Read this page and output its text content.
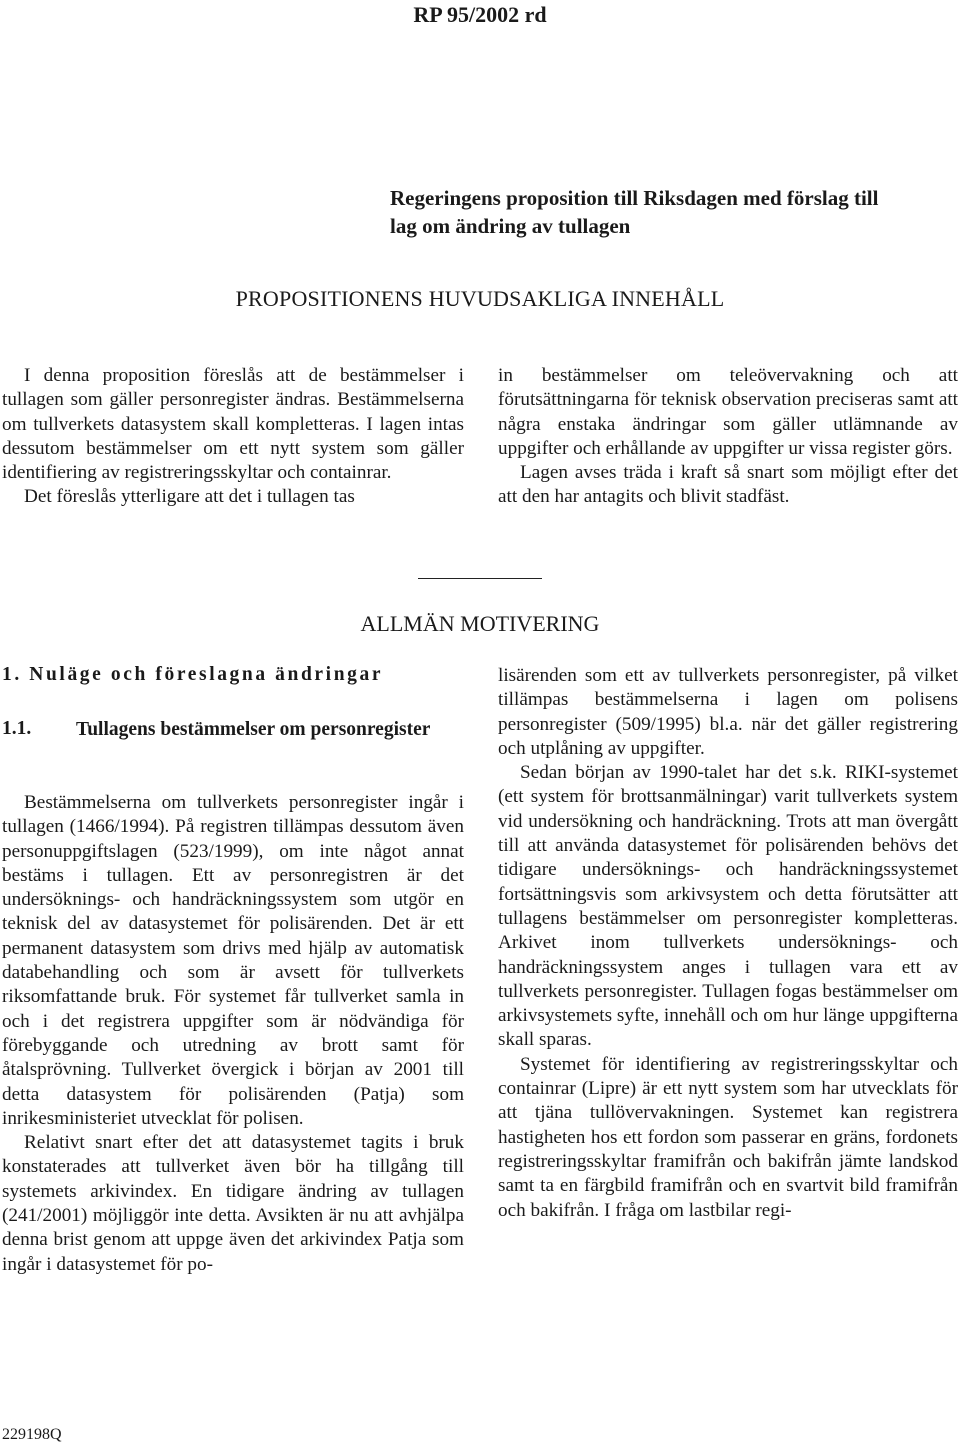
RP 95/2002 rd
Regeringens proposition till Riksdagen med förslag till
lag om ändring av tullagen
PROPOSITIONENS HUVUDSAKLIGA INNEHÅLL

I denna proposition föreslås att de bestämmelser i tullagen som gäller personregister ändras. Bestämmelserna om tullverkets datasystem skall kompletteras. I lagen intas dessutom bestämmelser om ett nytt system som gäller identifiering av registreringsskyltar och containrar.

Det föreslås ytterligare att det i tullagen tas

in bestämmelser om teleövervakning och att förutsättningarna för teknisk observation preciseras samt att några enstaka ändringar som gäller utlämnande av uppgifter och erhållande av uppgifter ur vissa register görs.

Lagen avses träda i kraft så snart som möjligt efter det att den har antagits och blivit stadfäst.

ALLMÄN MOTIVERING
1. Nuläge och föreslagna ändringar
1.1. Tullagens bestämmelser om personregister

Bestämmelserna om tullverkets personregister ingår i tullagen (1466/1994). På registren tillämpas dessutom även personuppgiftslagen (523/1999), om inte något annat bestäms i tullagen. Ett av personregistren är det undersöknings- och handräckningssystem som utgör en teknisk del av datasystemet för polisärenden. Det är ett permanent datasystem som drivs med hjälp av automatisk databehandling och som är avsett för tullverkets riksomfattande bruk. För systemet får tullverket samla in och i det registrera uppgifter som är nödvändiga för förebyggande och utredning av brott samt för åtalsprövning. Tullverket övergick i början av 2001 till detta datasystem för polisärenden (Patja) som inrikesministeriet utvecklat för polisen.

Relativt snart efter det att datasystemet tagits i bruk konstaterades att tullverket även bör ha tillgång till systemets arkivindex. En tidigare ändring av tullagen (241/2001) möjliggör inte detta. Avsikten är nu att avhjälpa denna brist genom att uppge även det arkivindex Patja som ingår i datasystemet för po-

lisärenden som ett av tullverkets personregister, på vilket tillämpas bestämmelserna i lagen om polisens personregister (509/1995) bl.a. när det gäller registrering och utplåning av uppgifter.

Sedan början av 1990-talet har det s.k. RIKI-systemet (ett system för brottsanmälningar) varit tullverkets system vid undersökning och handräckning. Trots att man övergått till att använda datasystemet för polisärenden behövs det tidigare undersöknings- och handräckningssystemet fortsättningsvis som arkivsystem och detta förutsätter att tullagens bestämmelser om personregister kompletteras. Arkivet inom tullverkets undersöknings- och handräckningssystem anges i tullagen vara ett av tullverkets personregister. Tullagen fogas bestämmelser om arkivsystemets syfte, innehåll och om hur länge uppgifterna skall sparas.

Systemet för identifiering av registreringsskyltar och containrar (Lipre) är ett nytt system som har utvecklats för att tjäna tullövervakningen. Systemet kan registrera hastigheten hos ett fordon som passerar en gräns, fordonets registreringsskyltar framifrån och bakifrån jämte landskod samt ta en färgbild framifrån och en svartvit bild framifrån och bakifrån. I fråga om lastbilar regi-

229198Q
